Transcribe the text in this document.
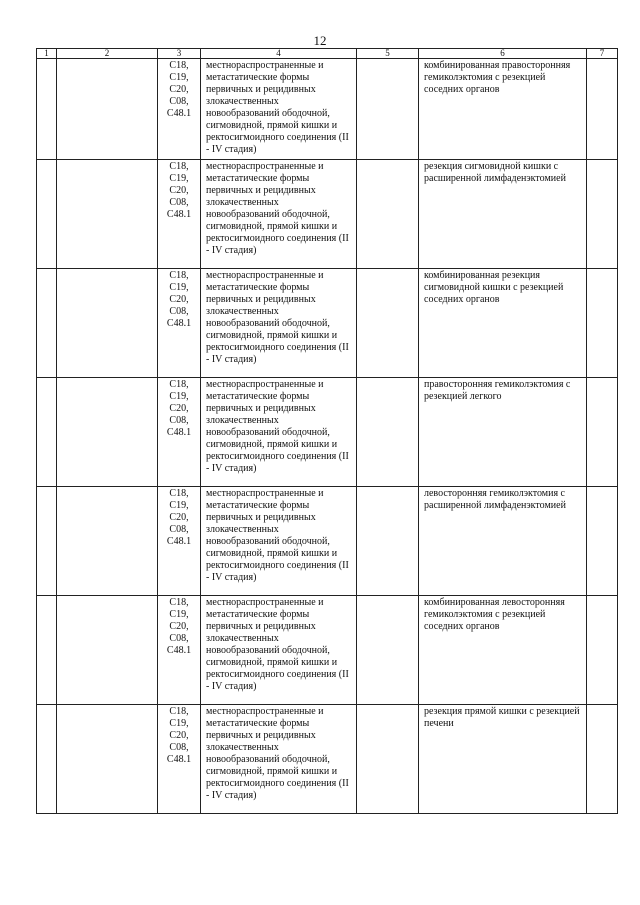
12
1	2	3	4	5	6	7

		C18,
C19,
C20,
C08,
C48.1	местнораспространенные и метастатические формы первичных и рецидивных злокачественных новообразований ободочной, сигмовидной, прямой кишки и ректосигмоидного соединения (II - IV стадия)		комбинированная правосторонняя гемиколэктомия с резекцией соседних органов	

		C18,
C19,
C20,
C08,
C48.1	местнораспространенные и метастатические формы первичных и рецидивных злокачественных новообразований ободочной, сигмовидной, прямой кишки и ректосигмоидного соединения (II - IV стадия)		резекция сигмовидной кишки с расширенной лимфаденэктомией	

		C18,
C19,
C20,
C08,
C48.1	местнораспространенные и метастатические формы первичных и рецидивных злокачественных новообразований ободочной, сигмовидной, прямой кишки и ректосигмоидного соединения (II - IV стадия)		комбинированная резекция сигмовидной кишки с резекцией соседних органов	

		C18,
C19,
C20,
C08,
C48.1	местнораспространенные и метастатические формы первичных и рецидивных злокачественных новообразований ободочной, сигмовидной, прямой кишки и ректосигмоидного соединения (II - IV стадия)		правосторонняя гемиколэктомия с резекцией легкого	

		C18,
C19,
C20,
C08,
C48.1	местнораспространенные и метастатические формы первичных и рецидивных злокачественных новообразований ободочной, сигмовидной, прямой кишки и ректосигмоидного соединения (II - IV стадия)		левосторонняя гемиколэктомия с расширенной лимфаденэктомией	

		C18,
C19,
C20,
C08,
C48.1	местнораспространенные и метастатические формы первичных и рецидивных злокачественных новообразований ободочной, сигмовидной, прямой кишки и ректосигмоидного соединения (II - IV стадия)		комбинированная левосторонняя гемиколэктомия с резекцией соседних органов	

		C18,
C19,
C20,
C08,
C48.1	местнораспространенные и метастатические формы первичных и рецидивных злокачественных новообразований ободочной, сигмовидной, прямой кишки и ректосигмоидного соединения (II - IV стадия)		резекция прямой кишки с резекцией печени	
